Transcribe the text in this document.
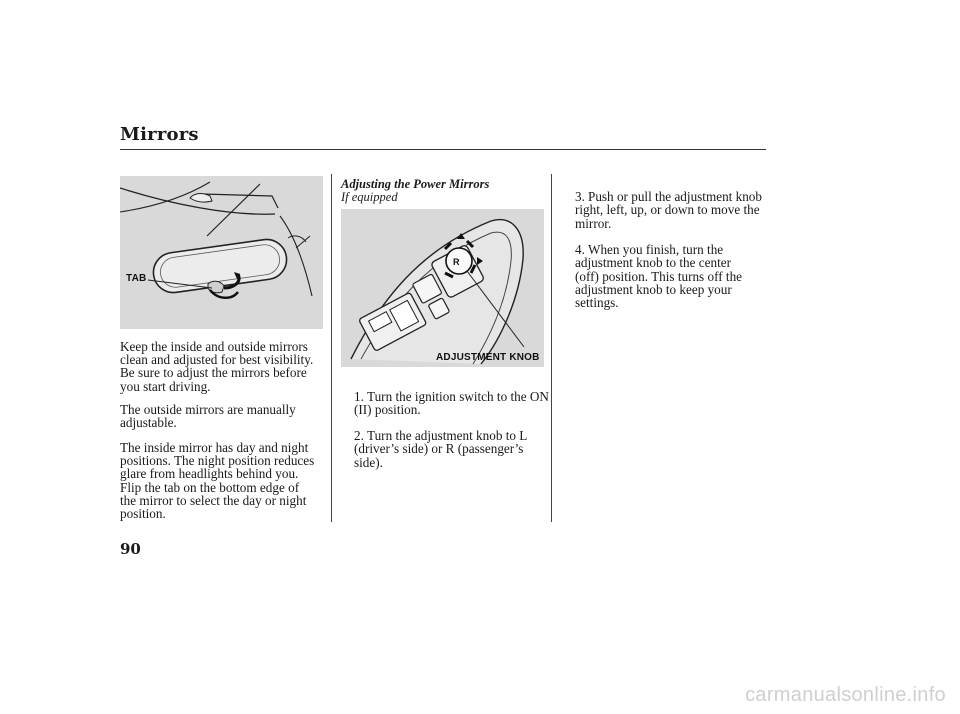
Mirrors
TAB
Keep the inside and outside mirrors
clean and adjusted for best visibility.
Be sure to adjust the mirrors before
you start driving.
The outside mirrors are manually
adjustable.
The inside mirror has day and night
positions. The night position reduces
glare from headlights behind you.
Flip the tab on the bottom edge of
the mirror to select the day or night
position.
Adjusting the Power Mirrors
If equipped
R
ADJUSTMENT KNOB

1. Turn the ignition switch to the ON
(II) position.

2. Turn the adjustment knob to L
(driver’s side) or R (passenger’s
side).

3. Push or pull the adjustment knob
right, left, up, or down to move the
mirror.

4. When you finish, turn the
adjustment knob to the center
(off) position. This turns off the
adjustment knob to keep your
settings.

90
carmanualsonline.info
